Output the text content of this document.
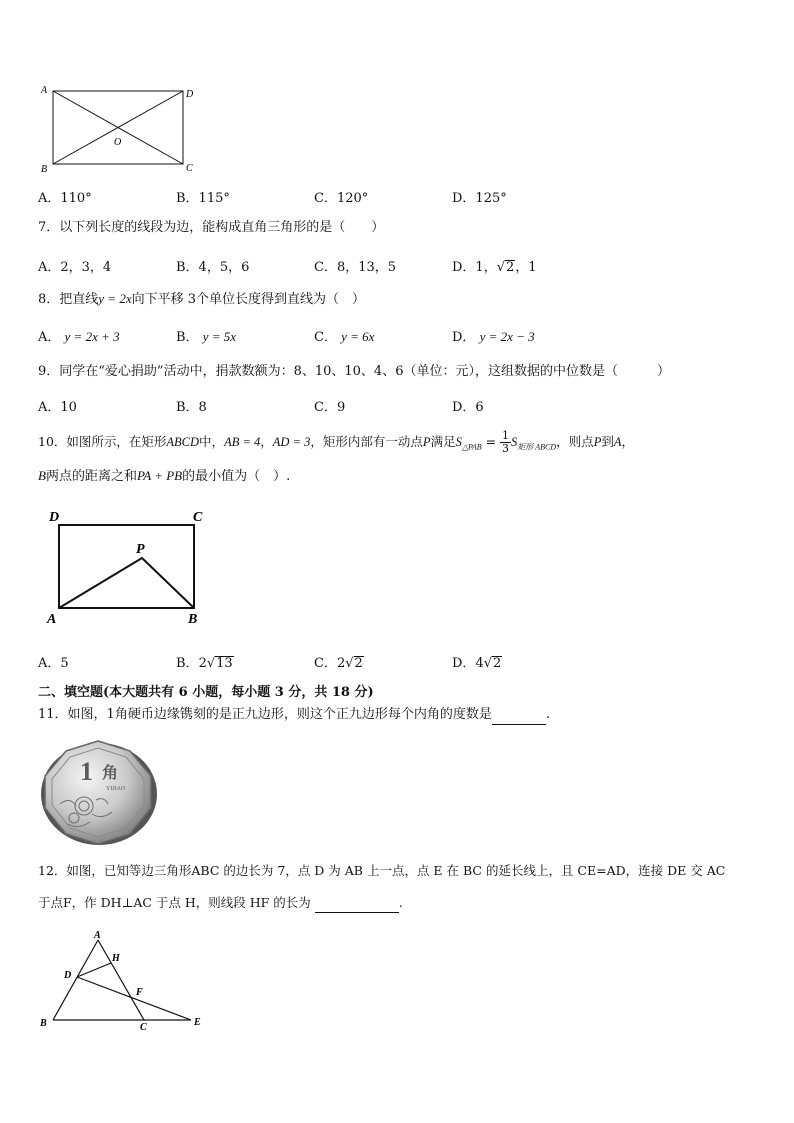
A	D
O
B	C
A．110°	B．115°	C．120°	D．125°
7．以下列长度的线段为边，能构成直角三角形的是（　　）
A．2，3，4	B．4，5，6	C．8，13，5	D．1，√2，1
8．把直线y = 2x向下平移 3个单位长度得到直线为（　）
A． y = 2x + 3	B． y = 5x	C． y = 6x	D． y = 2x − 3
9．同学在“爱心捐助”活动中，捐款数额为：8、10、10、4、6（单位：元），这组数据的中位数是（　　　）
A．10	B．8	C．9	D．6
10．如图所示，在矩形ABCD中，AB = 4，AD = 3，矩形内部有一动点P满足$S_{\triangle PAB} = \frac{1}{3} S_{矩形 ABCD}$，则点P到A，
B两点的距离之和PA + PB的最小值为（　）.
D	C
P
A	B
A．5	B．2√13	C．2√2	D．4√2
二、填空题(本大题共有 6 小题，每小题 3 分，共 18 分)
11．如图，1角硬币边缘镌刻的是正九边形，则这个正九边形每个内角的度数是	.
1 角
YIJIAO
12．如图，已知等边三角形ABC 的边长为 7，点 D 为 AB 上一点，点 E 在 BC 的延长线上，且 CE=AD，连接 DE 交 AC
于点F，作 DH⊥AC 于点 H，则线段 HF 的长为	.
A
H
D
F
B	C	E
